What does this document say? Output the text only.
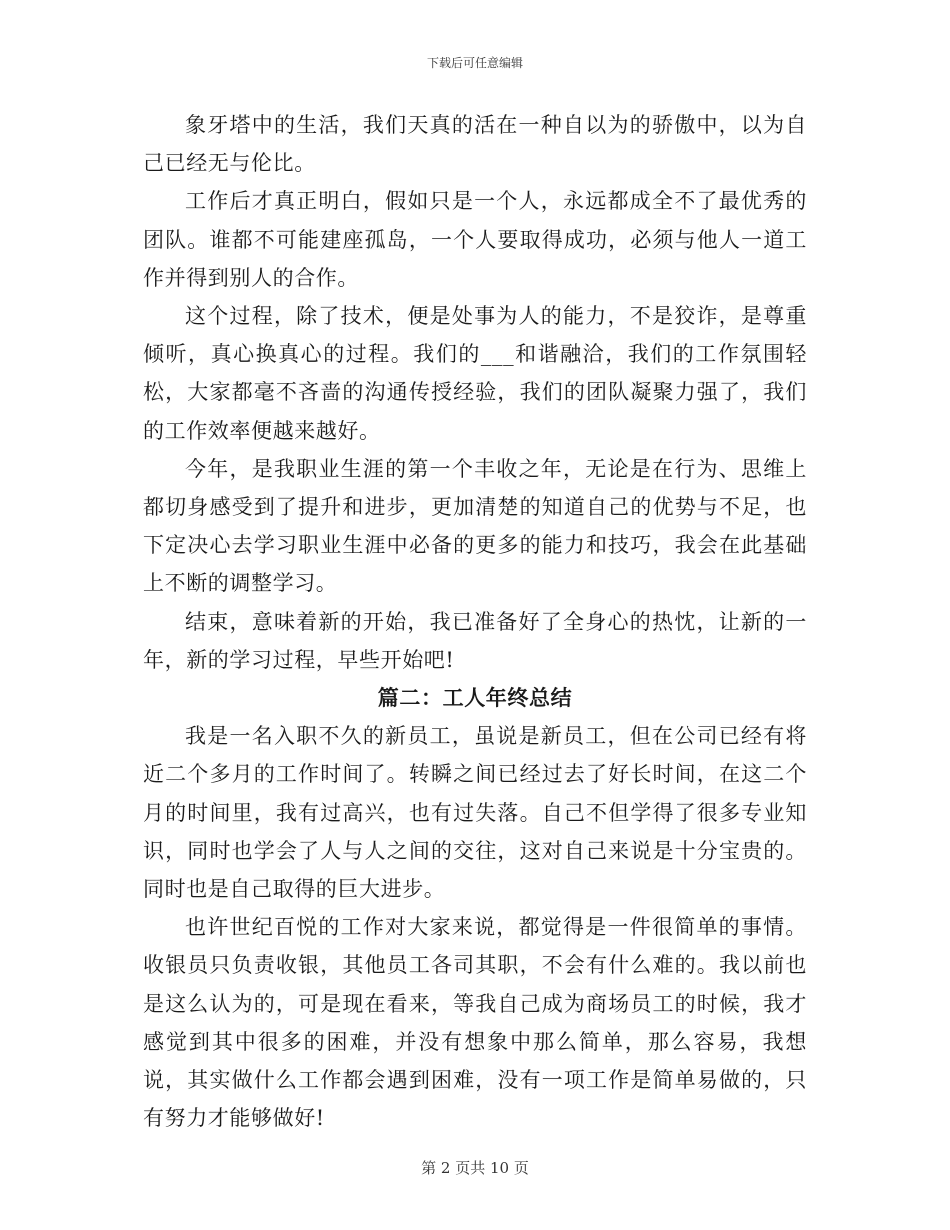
下载后可任意编辑

象牙塔中的生活，我们天真的活在一种自以为的骄傲中，以为自己已经无与伦比。

工作后才真正明白，假如只是一个人，永远都成全不了最优秀的团队。谁都不可能建座孤岛，一个人要取得成功，必须与他人一道工作并得到别人的合作。

这个过程，除了技术，便是处事为人的能力，不是狡诈，是尊重倾听，真心换真心的过程。我们的___和谐融洽，我们的工作氛围轻松，大家都毫不吝啬的沟通传授经验，我们的团队凝聚力强了，我们的工作效率便越来越好。

今年，是我职业生涯的第一个丰收之年，无论是在行为、思维上都切身感受到了提升和进步，更加清楚的知道自己的优势与不足，也下定决心去学习职业生涯中必备的更多的能力和技巧，我会在此基础上不断的调整学习。

结束，意味着新的开始，我已准备好了全身心的热忱，让新的一年，新的学习过程，早些开始吧!

篇二：工人年终总结

我是一名入职不久的新员工，虽说是新员工，但在公司已经有将近二个多月的工作时间了。转瞬之间已经过去了好长时间，在这二个月的时间里，我有过高兴，也有过失落。自己不但学得了很多专业知识，同时也学会了人与人之间的交往，这对自己来说是十分宝贵的。同时也是自己取得的巨大进步。

也许世纪百悦的工作对大家来说，都觉得是一件很简单的事情。收银员只负责收银，其他员工各司其职，不会有什么难的。我以前也是这么认为的，可是现在看来，等我自己成为商场员工的时候，我才感觉到其中很多的困难，并没有想象中那么简单，那么容易，我想说，其实做什么工作都会遇到困难，没有一项工作是简单易做的，只有努力才能够做好!

第 2 页共 10 页
